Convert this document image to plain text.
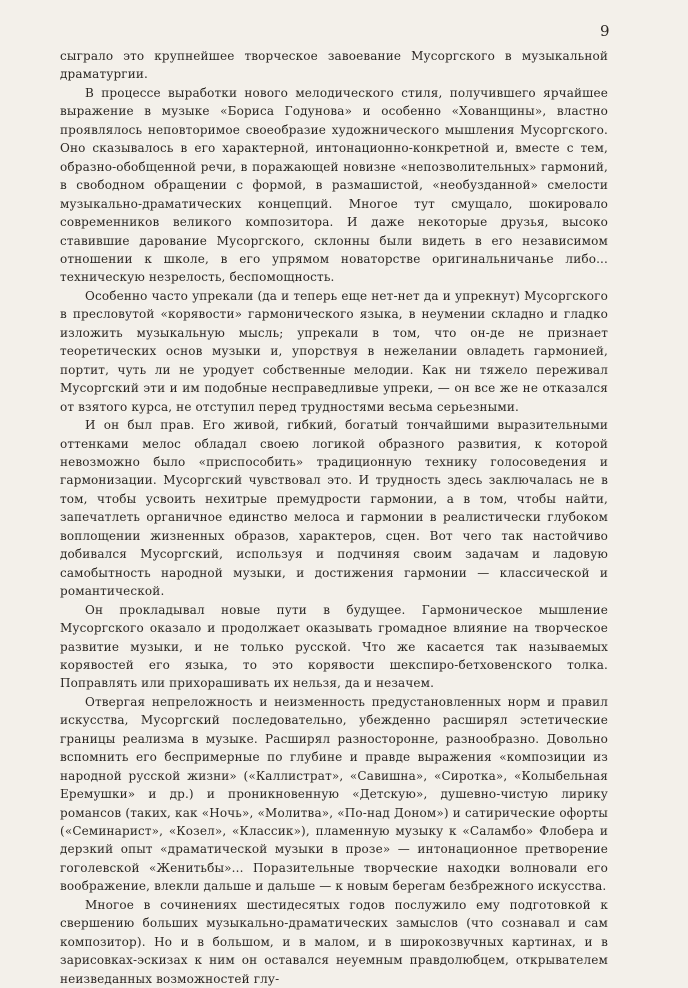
9

сыграло это крупнейшее творческое завоевание Мусоргского в музыкальной драматургии.

В процессе выработки нового мелодического стиля, получившего ярчайшее выражение в музыке «Бориса Годунова» и особенно «Хованщины», властно проявлялось неповторимое своеобразие художнического мышления Мусоргского. Оно сказывалось в его характерной, интонационно-конкретной и, вместе с тем, образно-обобщенной речи, в поражающей новизне «непозволительных» гармоний, в свободном обращении с формой, в размашистой, «необузданной» смелости музыкально-драматических концепций. Многое тут смущало, шокировало современников великого композитора. И даже некоторые друзья, высоко ставившие дарование Мусоргского, склонны были видеть в его независимом отношении к школе, в его упрямом новаторстве оригинальничанье либо... техническую незрелость, беспомощность.

Особенно часто упрекали (да и теперь еще нет-нет да и упрекнут) Мусоргского в пресловутой «корявости» гармонического языка, в неумении складно и гладко изложить музыкальную мысль; упрекали в том, что он-де не признает теоретических основ музыки и, упорствуя в нежелании овладеть гармонией, портит, чуть ли не уродует собственные мелодии. Как ни тяжело переживал Мусоргский эти и им подобные несправедливые упреки, — он все же не отказался от взятого курса, не отступил перед трудностями весьма серьезными.

И он был прав. Его живой, гибкий, богатый тончайшими выразительными оттенками мелос обладал своею логикой образного развития, к которой невозможно было «приспособить» традиционную технику голосоведения и гармонизации. Мусоргский чувствовал это. И трудность здесь заключалась не в том, чтобы усвоить нехитрые премудрости гармонии, а в том, чтобы найти, запечатлеть органичное единство мелоса и гармонии в реалистически глубоком воплощении жизненных образов, характеров, сцен. Вот чего так настойчиво добивался Мусоргский, используя и подчиняя своим задачам и ладовую самобытность народной музыки, и достижения гармонии — классической и романтической.

Он прокладывал новые пути в будущее. Гармоническое мышление Мусоргского оказало и продолжает оказывать громадное влияние на творческое развитие музыки, и не только русской. Что же касается так называемых корявостей его языка, то это корявости шекспиро-бетховенского толка. Поправлять или прихорашивать их нельзя, да и незачем.

Отвергая непреложность и неизменность предустановленных норм и правил искусства, Мусоргский последовательно, убежденно расширял эстетические границы реализма в музыке. Расширял разносторонне, разнообразно. Довольно вспомнить его беспримерные по глубине и правде выражения «композиции из народной русской жизни» («Каллистрат», «Савишна», «Сиротка», «Колыбельная Еремушки» и др.) и проникновенную «Детскую», душевно-чистую лирику романсов (таких, как «Ночь», «Молитва», «По-над Доном») и сатирические офорты («Семинарист», «Козел», «Классик»), пламенную музыку к «Саламбо» Флобера и дерзкий опыт «драматической музыки в прозе» — интонационное претворение гоголевской «Женитьбы»... Поразительные творческие находки волновали его воображение, влекли дальше и дальше — к новым берегам безбрежного искусства.

Многое в сочинениях шестидесятых годов послужило ему подготовкой к свершению больших музыкально-драматических замыслов (что сознавал и сам композитор). Но и в большом, и в малом, и в широкозвучных картинах, и в зарисовках-эскизах к ним он оставался неуемным правдолюбцем, открывателем неизведанных возможностей глу-
